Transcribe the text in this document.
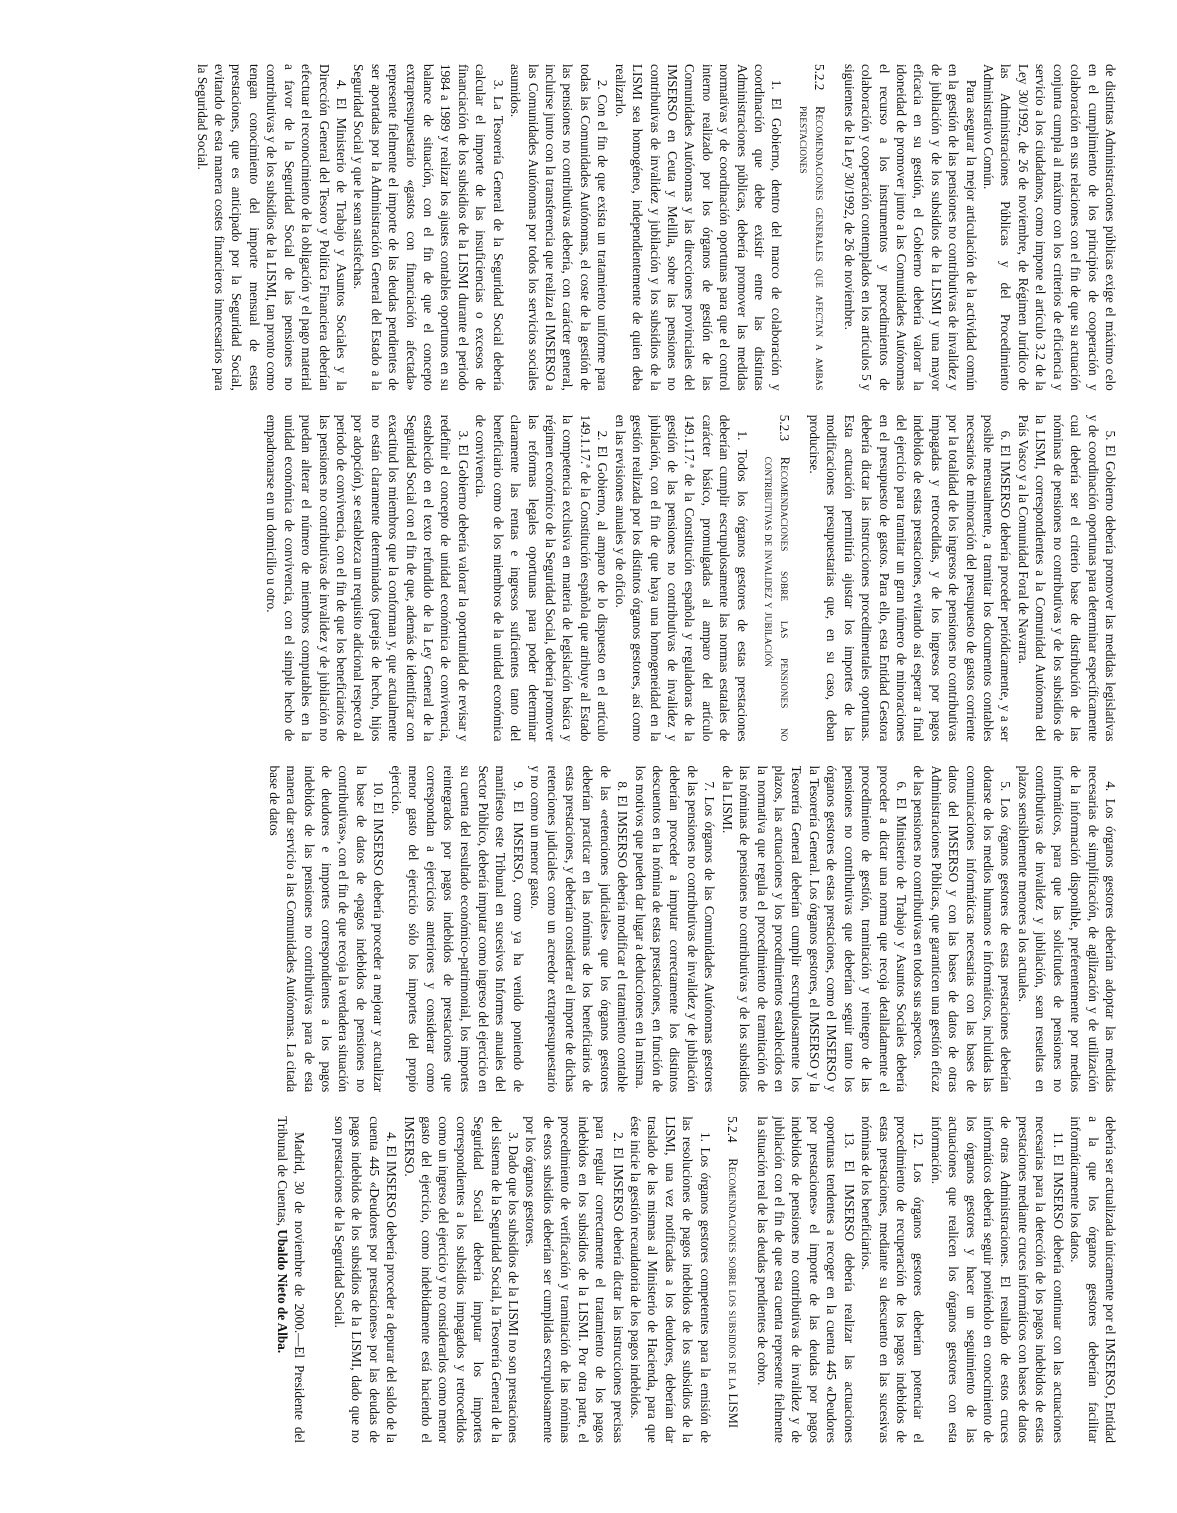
de distintas Administraciones públicas exige el máximo celo en el cumplimiento de los principios de cooperación y colaboración en sus relaciones con el fin de que su actuación conjunta cumpla al máximo con los criterios de eficiencia y servicio a los ciudadanos, como impone el artículo 3.2 de la Ley 30/1992, de 26 de noviembre, de Régimen Jurídico de las Administraciones Públicas y del Procedimiento Administrativo Común.

Para asegurar la mejor articulación de la actividad común en la gestión de las pensiones no contributivas de invalidez y de jubilación y de los subsidios de la LISMI y una mayor eficacia en su gestión, el Gobierno debería valorar la idoneidad de promover junto a las Comunidades Autónomas el recurso a los instrumentos y procedimientos de colaboración y cooperación contemplados en los artículos 5 y siguientes de la Ley 30/1992, de 26 de noviembre.

5.2.2
Recomendaciones generales que afectan a ambas prestaciones

1. El Gobierno, dentro del marco de colaboración y coordinación que debe existir entre las distintas Administraciones públicas, debería promover las medidas normativas y de coordinación oportunas para que el control interno realizado por los órganos de gestión de las Comunidades Autónomas y las direcciones provinciales del IMSERSO en Ceuta y Melilla, sobre las pensiones no contributivas de invalidez y jubilación y los subsidios de la LISMI sea homogéneo, independientemente de quien deba realizarlo.

2. Con el fin de que exista un tratamiento uniforme para todas las Comunidades Autónomas, el coste de la gestión de las pensiones no contributivas debería, con carácter general, incluirse junto con la transferencia que realiza el IMSERSO a las Comunidades Autónomas por todos los servicios sociales asumidos.

3. La Tesorería General de la Seguridad Social debería calcular el importe de las insuficiencias o excesos de financiación de los subsidios de la LISMI durante el periodo 1984 a 1989 y realizar los ajustes contables oportunos en su balance de situación, con el fin de que el concepto extrapresupuestario «gastos con financiación afectada» represente fielmente el importe de las deudas pendientes de ser aportadas por la Administración General del Estado a la Seguridad Social y que le sean satisfechas.

4. El Ministerio de Trabajo y Asuntos Sociales y la Dirección General del Tesoro y Política Financiera deberían efectuar el reconocimiento de la obligación y el pago material a favor de la Seguridad Social de las pensiones no contributivas y de los subsidios de la LISMI, tan pronto como tengan conocimiento del importe mensual de estas prestaciones, que es anticipado por la Seguridad Social, evitando de esta manera costes financieros innecesarios para la Seguridad Social.

5. El Gobierno debería promover las medidas legislativas y de coordinación oportunas para determinar específicamente cual debería ser el criterio base de distribución de las nóminas de pensiones no contributivas y de los subsidios de la LISMI, correspondientes a la Comunidad Autónoma del País Vasco y a la Comunidad Foral de Navarra.

6. El IMSERSO debería proceder periódicamente, y a ser posible mensualmente, a tramitar los documentos contables necesarios de minoración del presupuesto de gastos corriente por la totalidad de los ingresos de pensiones no contributivas impagadas y retrocedidas, y de los ingresos por pagos indebidos de estas prestaciones, evitando así esperar a final del ejercicio para tramitar un gran número de minoraciones en el presupuesto de gastos. Para ello, esta Entidad Gestora debería dictar las instrucciones procedimentales oportunas. Esta actuación permitiría ajustar los importes de las modificaciones presupuestarias que, en su caso, deban producirse.

5.2.3
Recomendaciones sobre las pensiones no contributivas de invalidez y jubilación

1. Todos los órganos gestores de estas prestaciones deberían cumplir escrupulosamente las normas estatales de carácter básico, promulgadas al amparo del artículo 149.1.17.ª de la Constitución española y reguladoras de la gestión de las pensiones no contributivas de invalidez y jubilación, con el fin de que haya una homogeneidad en la gestión realizada por los distintos órganos gestores, así como en las revisiones anuales y de oficio.

2. El Gobierno, al amparo de lo dispuesto en el artículo 149.1.17.ª de la Constitución española que atribuye al Estado la competencia exclusiva en materia de legislación básica y régimen económico de la Seguridad Social, debería promover las reformas legales oportunas para poder determinar claramente las rentas e ingresos suficientes tanto del beneficiario como de los miembros de la unidad económica de convivencia.

3. El Gobierno debería valorar la oportunidad de revisar y redefinir el concepto de unidad económica de convivencia, establecido en el texto refundido de la Ley General de la Seguridad Social con el fin de que, además de identificar con exactitud los miembros que la conforman y, que actualmente no están claramente determinados (parejas de hecho, hijos por adopción), se establezca un requisito adicional respecto al periodo de convivencia, con el fin de que los beneficiarios de las pensiones no contributivas de invalidez y de jubilación no puedan alterar el número de miembros computables en la unidad económica de convivencia, con el simple hecho de empadronarse en un domicilio u otro.

4. Los órganos gestores deberían adoptar las medidas necesarias de simplificación, de agilización y de utilización de la información disponible, preferentemente por medios informáticos, para que las solicitudes de pensiones no contributivas de invalidez y jubilación, sean resueltas en plazos sensiblemente menores a los actuales.

5. Los órganos gestores de estas prestaciones deberían dotarse de los medios humanos e informáticos, incluidas las comunicaciones informáticas necesarias con las bases de datos del IMSERSO y con las bases de datos de otras Administraciones Públicas, que garanticen una gestión eficaz de las pensiones no contributivas en todos sus aspectos.

6. El Ministerio de Trabajo y Asuntos Sociales debería proceder a dictar una norma que recoja detalladamente el procedimiento de gestión, tramitación y reintegro de las pensiones no contributivas que deberían seguir tanto los órganos gestores de estas prestaciones, como el IMSERSO y la Tesorería General. Los órganos gestores, el IMSERSO y la Tesorería General deberían cumplir escrupulosamente los plazos, las actuaciones y los procedimientos establecidos en la normativa que regula el procedimiento de tramitación de las nóminas de pensiones no contributivas y de los subsidios de la LISMI.

7. Los órganos de las Comunidades Autónomas gestores de las pensiones no contributivas de invalidez y de jubilación deberían proceder a imputar correctamente los distintos descuentos en la nómina de estas prestaciones, en función de los motivos que pueden dar lugar a deducciones en la misma.

8. El IMSERSO debería modificar el tratamiento contable de las «retenciones judiciales» que los órganos gestores deberían practicar en las nóminas de los beneficiarios de estas prestaciones, y deberían considerar el importe de dichas retenciones judiciales como un acreedor extrapresupuestario y no como un menor gasto.

9. El IMSERSO, como ya ha venido poniendo de manifiesto este Tribunal en sucesivos Informes anuales del Sector Público, debería imputar como ingreso del ejercicio en su cuenta del resultado económico-patrimonial, los importes reintegrados por pagos indebidos de prestaciones que correspondan a ejercicios anteriores y considerar como menor gasto del ejercicio sólo los importes del propio ejercicio.

10. El IMSERSO debería proceder a mejorar y actualizar la base de datos de «pagos indebidos de pensiones no contributivas», con el fin de que recoja la verdadera situación de deudores e importes correspondientes a los pagos indebidos de las pensiones no contributivas para de esta manera dar servicio a las Comunidades Autónomas. La citada base de datos

debería ser actualizada únicamente por el IMSERSO, Entidad a la que los órganos gestores deberían facilitar informáticamente los datos.

11. El IMSERSO debería continuar con las actuaciones necesarias para la detección de los pagos indebidos de estas prestaciones mediante cruces informáticos con bases de datos de otras Administraciones. El resultado de estos cruces informáticos debería seguir poniéndolo en conocimiento de los órganos gestores y hacer un seguimiento de las actuaciones que realicen los órganos gestores con esta información.

12. Los órganos gestores deberían potenciar el procedimiento de recuperación de los pagos indebidos de estas prestaciones, mediante su descuento en las sucesivas nóminas de los beneficiarios.

13. El IMSERSO debería realizar las actuaciones oportunas tendentes a recoger en la cuenta 445 «Deudores por prestaciones» el importe de las deudas por pagos indebidos de pensiones no contributivas de invalidez y de jubilación con el fin de que esta cuenta represente fielmente la situación real de las deudas pendientes de cobro.

5.2.4
Recomendaciones sobre los subsidios de la LISMI

1. Los órganos gestores competentes para la emisión de las resoluciones de pagos indebidos de los subsidios de la LISMI, una vez notificadas a los deudores, deberían dar traslado de las mismas al Ministerio de Hacienda, para que éste inicie la gestión recaudatoria de los pagos indebidos.

2. El IMSERSO debería dictar las instrucciones precisas para regular correctamente el tratamiento de los pagos indebidos en los subsidios de la LISMI. Por otra parte, el procedimiento de verificación y tramitación de las nóminas de estos subsidios deberían ser cumplidas escrupulosamente por los órganos gestores.

3. Dado que los subsidios de la LISMI no son prestaciones del sistema de la Seguridad Social, la Tesorería General de la Seguridad Social debería imputar los importes correspondientes a los subsidios impagados y retrocedidos como un ingreso del ejercicio y no considerarlos como menor gasto del ejercicio, como indebidamente está haciendo el IMSERSO.

4. El IMSERSO debería proceder a depurar del saldo de la cuenta 445 «Deudores por prestaciones» por las deudas de pagos indebidos de los subsidios de la LISMI, dado que no son prestaciones de la Seguridad Social.

Madrid, 30 de noviembre de 2000.—El Presidente del Tribunal de Cuentas, Ubaldo Nieto de Alba.
